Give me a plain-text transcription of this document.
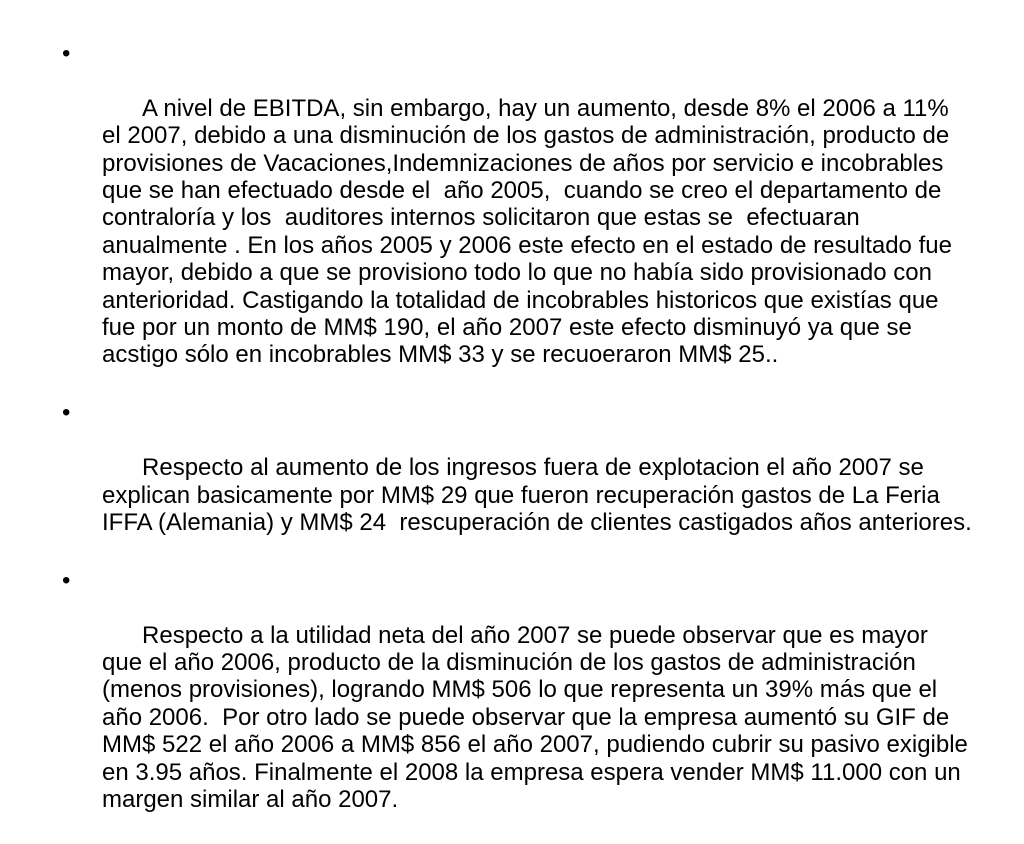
•

A nivel de EBITDA, sin embargo, hay un aumento, desde 8% el 2006 a 11% el 2007, debido a una disminución de los gastos de administración, producto de  provisiones de Vacaciones,Indemnizaciones de años por servicio e incobrables que se han efectuado desde el  año 2005,  cuando se creo el departamento de contraloría y los  auditores internos solicitaron que estas se  efectuaran anualmente . En los años 2005 y 2006 este efecto en el estado de resultado fue mayor, debido a que se provisiono todo lo que no había sido provisionado con anterioridad. Castigando la totalidad de incobrables historicos que existías que fue por un monto de MM$ 190, el año 2007 este efecto disminuyó ya que se acstigo sólo en incobrables MM$ 33 y se recuoeraron MM$ 25..

•

Respecto al aumento de los ingresos fuera de explotacion el año 2007 se explican basicamente por MM$ 29 que fueron recuperación gastos de La Feria IFFA (Alemania) y MM$ 24  rescuperación de clientes castigados años anteriores.

•

Respecto a la utilidad neta del año 2007 se puede observar que es mayor que el año 2006, producto de la disminución de los gastos de administración (menos provisiones), logrando MM$ 506 lo que representa un 39% más que el año 2006.  Por otro lado se puede observar que la empresa aumentó su GIF de MM$ 522 el año 2006 a MM$ 856 el año 2007, pudiendo cubrir su pasivo exigible en 3.95 años. Finalmente el 2008 la empresa espera vender MM$ 11.000 con un margen similar al año 2007.
